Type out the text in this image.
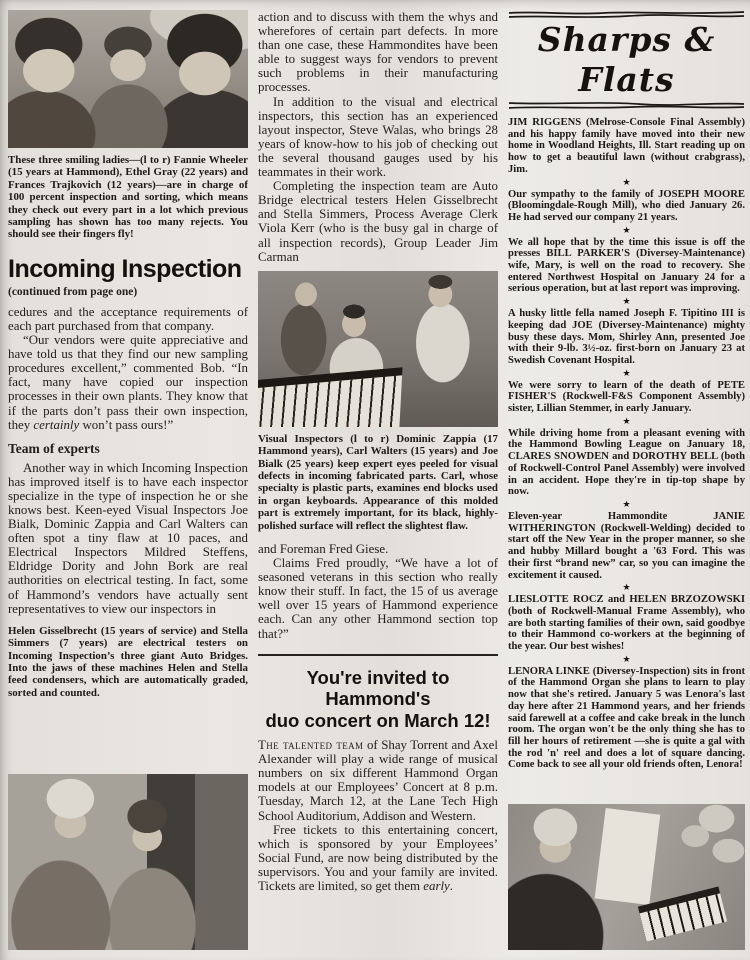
These three smiling ladies—(l to r) Fannie Wheeler (15 years at Hammond), Ethel Gray (22 years) and Frances Trajkovich (12 years)—are in charge of 100 percent inspection and sorting, which means they check out every part in a lot which previous sampling has shown has too many rejects. You should see their fingers fly!

Incoming Inspection

(continued from page one)

cedures and the acceptance requirements of each part purchased from that company.

“Our vendors were quite appreciative and have told us that they find our new sampling procedures excellent,” commented Bob. “In fact, many have copied our inspection processes in their own plants. They know that if the parts don’t pass their own inspection, they certainly won’t pass ours!”

Team of experts

Another way in which Incoming Inspection has improved itself is to have each inspector specialize in the type of inspection he or she knows best. Keen-eyed Visual Inspectors Joe Bialk, Dominic Zappia and Carl Walters can often spot a tiny flaw at 10 paces, and Electrical Inspectors Mildred Steffens, Eldridge Dority and John Bork are real authorities on electrical testing. In fact, some of Hammond’s vendors have actually sent representatives to view our inspectors in

Helen Gisselbrecht (15 years of service) and Stella Simmers (7 years) are electrical testers on Incoming Inspection’s three giant Auto Bridges. Into the jaws of these machines Helen and Stella feed condensers, which are automatically graded, sorted and counted.

action and to discuss with them the whys and wherefores of certain part defects. In more than one case, these Hammondites have been able to suggest ways for vendors to prevent such problems in their manufacturing processes.

In addition to the visual and electrical inspectors, this section has an experienced layout inspector, Steve Walas, who brings 28 years of know-how to his job of checking out the several thousand gauges used by his teammates in their work.

Completing the inspection team are Auto Bridge electrical testers Helen Gisselbrecht and Stella Simmers, Process Average Clerk Viola Kerr (who is the busy gal in charge of all inspection records), Group Leader Jim Carman

Visual Inspectors (l to r) Dominic Zappia (17 Hammond years), Carl Walters (15 years) and Joe Bialk (25 years) keep expert eyes peeled for visual defects in incoming fabricated parts. Carl, whose specialty is plastic parts, examines end blocks used in organ keyboards. Appearance of this molded part is extremely important, for its black, highly-polished surface will reflect the slightest flaw.

and Foreman Fred Giese.

Claims Fred proudly, “We have a lot of seasoned veterans in this section who really know their stuff. In fact, the 15 of us average well over 15 years of Hammond experience each. Can any other Hammond section top that?”

You're invited to Hammond's
duo concert on March 12!

The talented team of Shay Torrent and Axel Alexander will play a wide range of musical numbers on six different Hammond Organ models at our Employees’ Concert at 8 p.m. Tuesday, March 12, at the Lane Tech High School Auditorium, Addison and Western.

Free tickets to this entertaining concert, which is sponsored by your Employees’ Social Fund, are now being distributed by the supervisors. You and your family are invited. Tickets are limited, so get them early.

Sharps & Flats

JIM RIGGENS (Melrose-Console Final Assembly) and his happy family have moved into their new home in Woodland Heights, Ill. Start reading up on how to get a beautiful lawn (without crabgrass), Jim.

★

Our sympathy to the family of JOSEPH MOORE (Bloomingdale-Rough Mill), who died January 26. He had served our company 21 years.

★

We all hope that by the time this issue is off the presses BILL PARKER'S (Diversey-Maintenance) wife, Mary, is well on the road to recovery. She entered Northwest Hospital on January 24 for a serious operation, but at last report was improving.

★

A husky little fella named Joseph F. Tipitino III is keeping dad JOE (Diversey-Maintenance) mighty busy these days. Mom, Shirley Ann, presented Joe with their 9-lb. 3½-oz. first-born on January 23 at Swedish Covenant Hospital.

★

We were sorry to learn of the death of PETE FISHER'S (Rockwell-F&S Component Assembly) sister, Lillian Stemmer, in early January.

★

While driving home from a pleasant evening with the Hammond Bowling League on January 18, CLARES SNOWDEN and DOROTHY BELL (both of Rockwell-Control Panel Assembly) were involved in an accident. Hope they're in tip-top shape by now.

★

Eleven-year Hammondite JANIE WITHERINGTON (Rockwell-Welding) decided to start off the New Year in the proper manner, so she and hubby Millard bought a '63 Ford. This was their first “brand new” car, so you can imagine the excitement it caused.

★

LIESLOTTE ROCZ and HELEN BRZOZOWSKI (both of Rockwell-Manual Frame Assembly), who are both starting families of their own, said goodbye to their Hammond co-workers at the beginning of the year. Our best wishes!

★

LENORA LINKE (Diversey-Inspection) sits in front of the Hammond Organ she plans to learn to play now that she's retired. January 5 was Lenora's last day here after 21 Hammond years, and her friends said farewell at a coffee and cake break in the lunch room. The organ won't be the only thing she has to fill her hours of retirement —she is quite a gal with the rod 'n' reel and does a lot of square dancing. Come back to see all your old friends often, Lenora!
